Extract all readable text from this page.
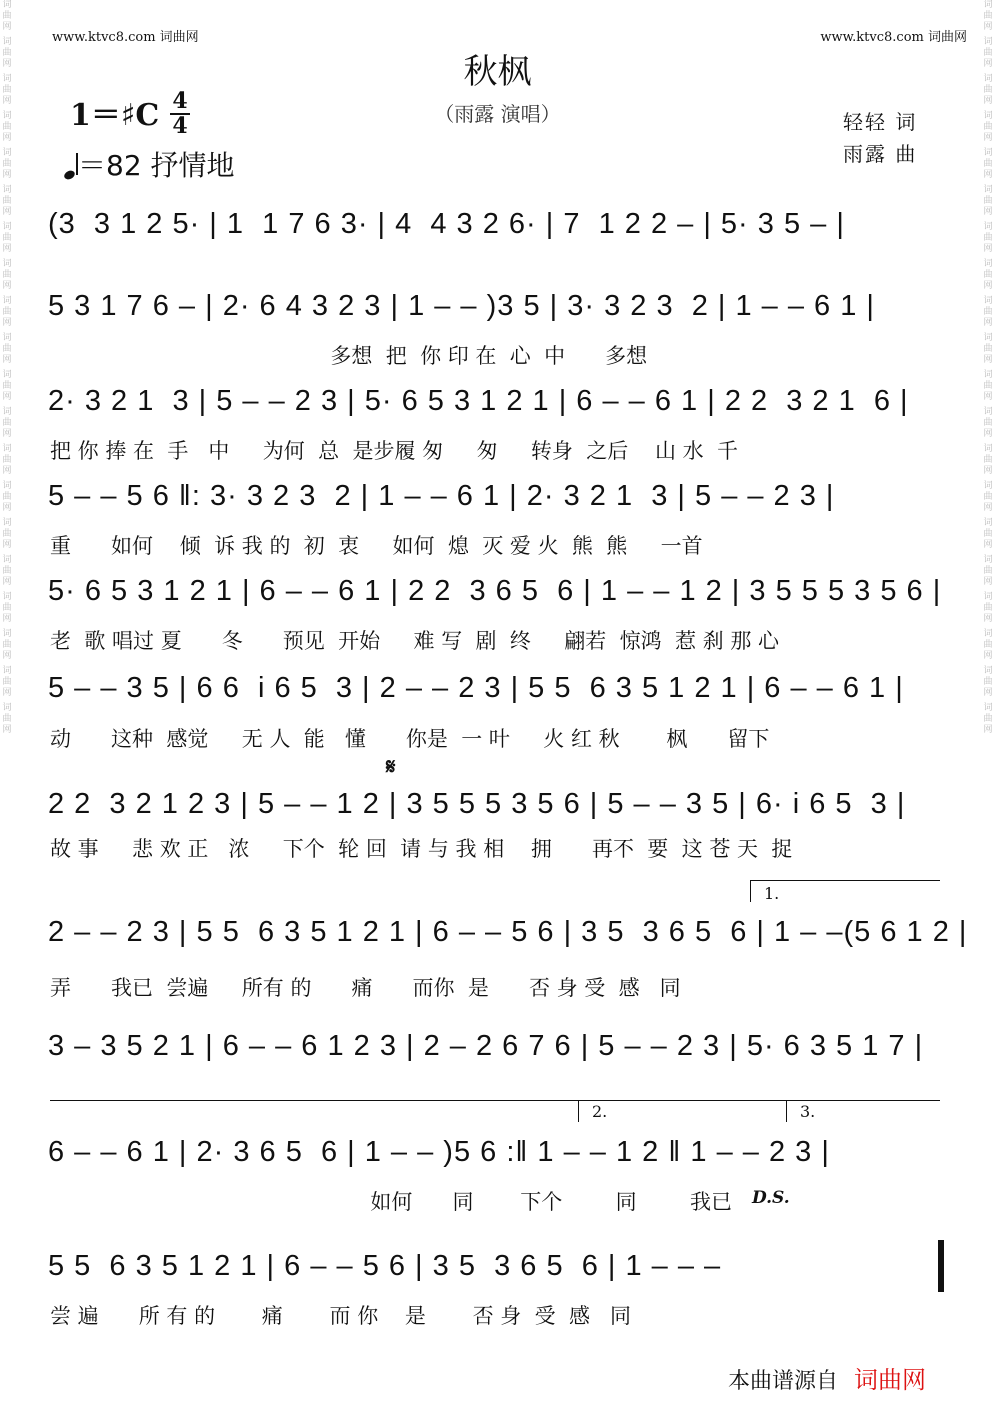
词曲网
词曲网
词曲网
词曲网
词曲网
词曲网
词曲网
词曲网
词曲网
词曲网
词曲网
词曲网
词曲网
词曲网
词曲网
词曲网
词曲网
词曲网
词曲网
词曲网
词曲网
词曲网
词曲网
词曲网
词曲网
词曲网
词曲网
词曲网
词曲网
词曲网
词曲网
词曲网
词曲网
词曲网
词曲网
词曲网
词曲网
词曲网
词曲网
词曲网
www.ktvc8.com 词曲网	www.ktvc8.com 词曲网
秋枫
（雨露 演唱）
1＝♯C $\frac{4}{4}$
＝82 抒情地
轻轻 词
雨露 曲
(3  3 1 2 5· | 1  1 7 6 3· | 4  4 3 2 6· | 7  1 2 2 – | 5· 3 5 – |
5 3 1 7 6 – | 2· 6 4 3 2 3 | 1 – – )3 5 | 3· 3 2 3  2 | 1 – – 6 1 |
多想  把  你 印 在  心  中      多想
2· 3 2 1  3 | 5 – – 2 3 | 5· 6 5 3 1 2 1 | 6 – – 6 1 | 2 2  3 2 1  6 |
把 你 捧 在  手   中     为何  总  是步履 匆     匆     转身  之后    山 水  千
5 – – 5 6 ‖: 3· 3 2 3  2 | 1 – – 6 1 | 2· 3 2 1  3 | 5 – – 2 3 |
重      如何    倾  诉 我 的  初  衷     如何  熄  灭 爱 火  熊  熊     一首
5· 6 5 3 1 2 1 | 6 – – 6 1 | 2 2  3 6 5  6 | 1 – – 1 2 | 3 5 5 5 3 5 6 |
老  歌 唱过 夏      冬      预见  开始     难 写  剧  终     翩若  惊鸿  惹 刹 那 心
5 – – 3 5 | 6 6  i 6 5  3 | 2 – – 2 3 | 5 5  6 3 5 1 2 1 | 6 – – 6 1 |
动      这种  感觉     无 人  能   懂      你是  一 叶     火 红 秋       枫      留下
𝄋
2 2  3 2 1 2 3 | 5 – – 1 2 | 3 5 5 5 3 5 6 | 5 – – 3 5 | 6· i 6 5  3 |
故 事     悲 欢 正   浓     下个  轮 回  请 与 我 相    拥      再不  要  这 苍 天  捉
1.
2 – – 2 3 | 5 5  6 3 5 1 2 1 | 6 – – 5 6 | 3 5  3 6 5  6 | 1 – –(5 6 1 2 |
弄      我已  尝遍     所有 的      痛      而你  是      否 身 受  感   同
3 – 3 5 2 1 | 6 – – 6 1 2 3 | 2 – 2 6 7 6 | 5 – – 2 3 | 5· 6 3 5 1 7 |
2.	3.
6 – – 6 1 | 2· 3 6 5  6 | 1 – – )5 6 :‖ 1 – – 1 2 ‖ 1 – – 2 3 |
D.S.
如何      同       下个        同        我已
5 5  6 3 5 1 2 1 | 6 – – 5 6 | 3 5  3 6 5  6 | 1 – – –
尝 遍      所 有 的       痛       而 你    是       否 身  受  感   同
本曲谱源自 词曲网
